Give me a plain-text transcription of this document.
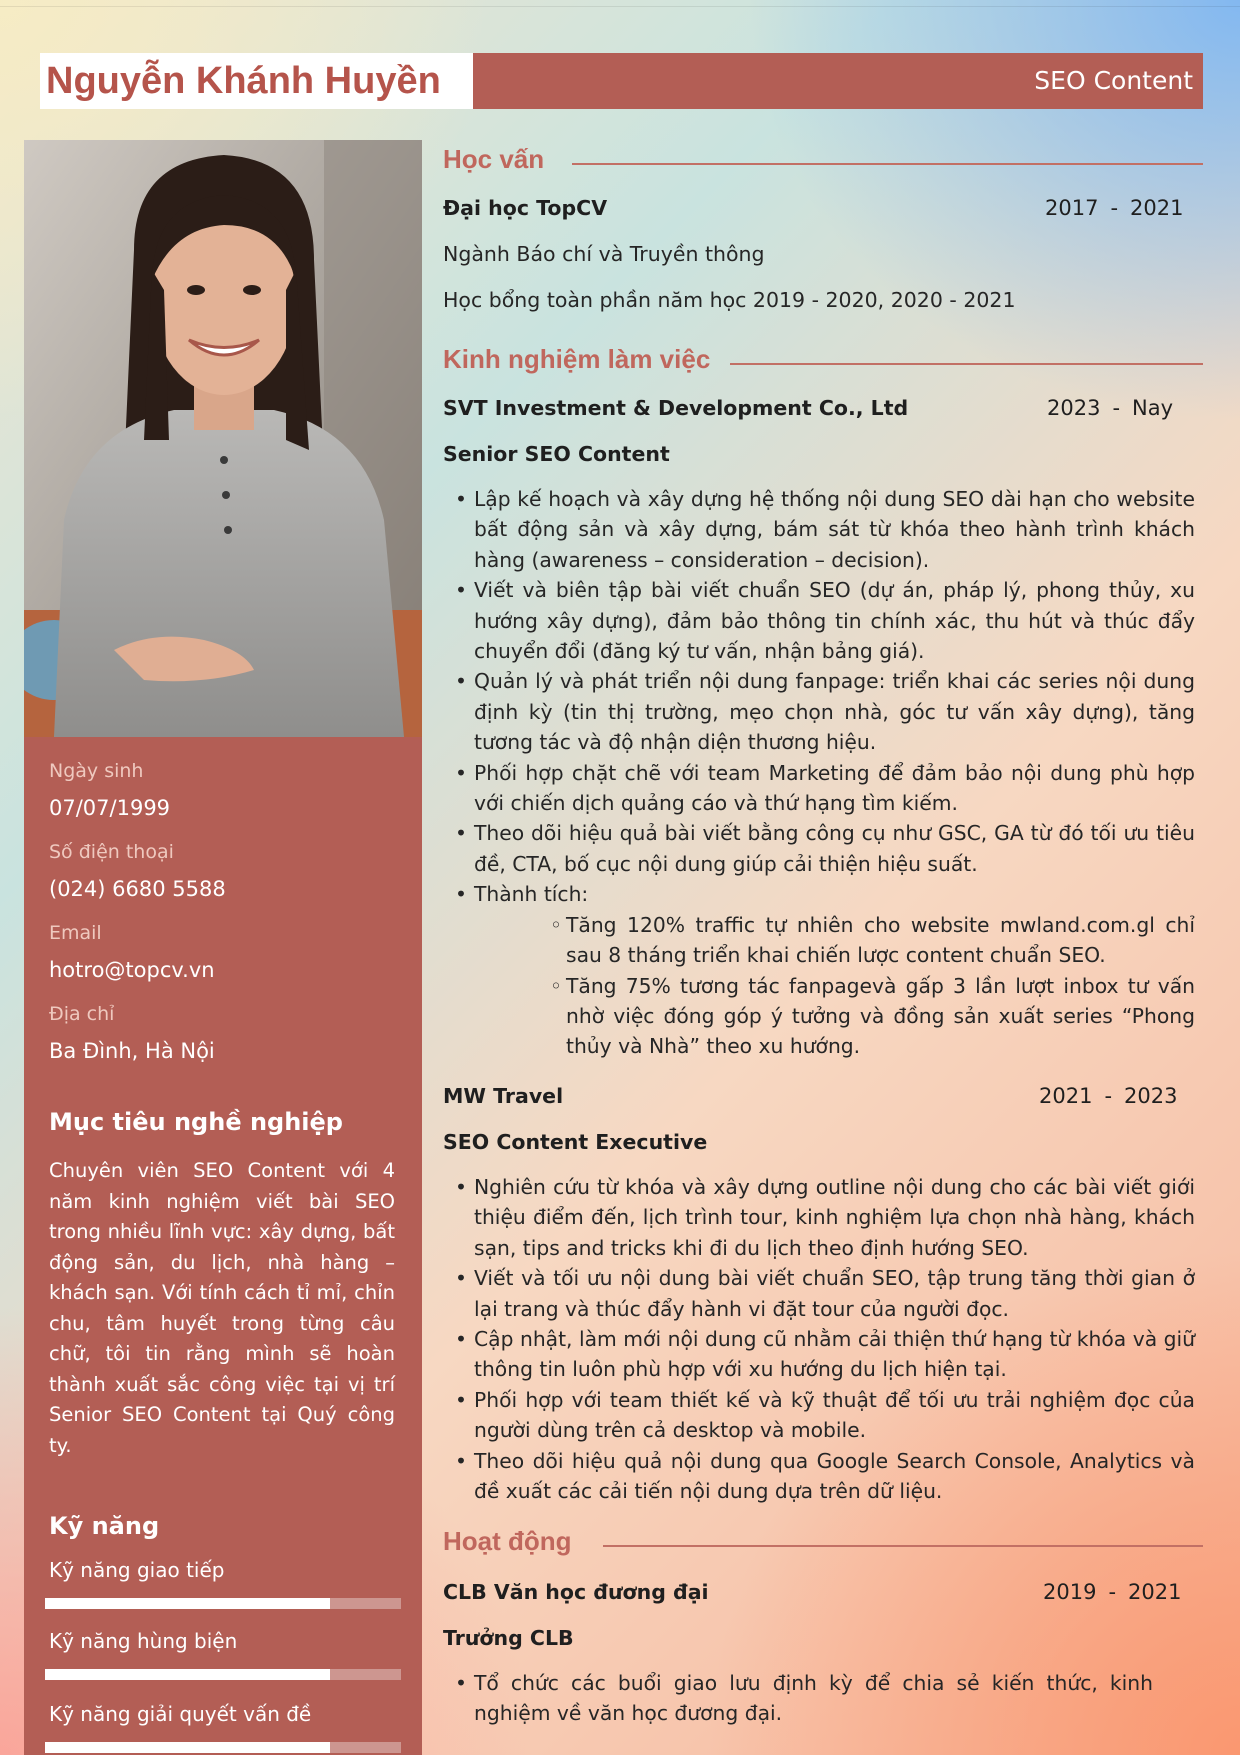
Nguyễn Khánh Huyền	SEO Content
Ngày sinh
07/07/1999
Số điện thoại
(024) 6680 5588
Email
hotro@topcv.vn
Địa chỉ
Ba Đình, Hà Nội
Mục tiêu nghề nghiệp
Chuyên viên SEO Content với 4 năm kinh nghiệm viết bài SEO trong nhiều lĩnh vực: xây dựng, bất động sản, du lịch, nhà hàng – khách sạn. Với tính cách tỉ mỉ, chỉn chu, tâm huyết trong từng câu chữ, tôi tin rằng mình sẽ hoàn thành xuất sắc công việc tại vị trí Senior SEO Content tại Quý công ty.
Kỹ năng
Kỹ năng giao tiếp
Kỹ năng hùng biện
Kỹ năng giải quyết vấn đề
Học vấn
Đại học TopCV	2017 - 2021
Ngành Báo chí và Truyền thông
Học bổng toàn phần năm học 2019 - 2020, 2020 - 2021
Kinh nghiệm làm việc
SVT Investment & Development Co., Ltd	2023 - Nay
Senior SEO Content
• Lập kế hoạch và xây dựng hệ thống nội dung SEO dài hạn cho website bất động sản và xây dựng, bám sát từ khóa theo hành trình khách hàng (awareness – consideration – decision).
• Viết và biên tập bài viết chuẩn SEO (dự án, pháp lý, phong thủy, xu hướng xây dựng), đảm bảo thông tin chính xác, thu hút và thúc đẩy chuyển đổi (đăng ký tư vấn, nhận bảng giá).
• Quản lý và phát triển nội dung fanpage: triển khai các series nội dung định kỳ (tin thị trường, mẹo chọn nhà, góc tư vấn xây dựng), tăng tương tác và độ nhận diện thương hiệu.
• Phối hợp chặt chẽ với team Marketing để đảm bảo nội dung phù hợp với chiến dịch quảng cáo và thứ hạng tìm kiếm.
• Theo dõi hiệu quả bài viết bằng công cụ như GSC, GA từ đó tối ưu tiêu đề, CTA, bố cục nội dung giúp cải thiện hiệu suất.
• Thành tích:
◦ Tăng 120% traffic tự nhiên cho website mwland.com.gl chỉ sau 8 tháng triển khai chiến lược content chuẩn SEO.
◦ Tăng 75% tương tác fanpagevà gấp 3 lần lượt inbox tư vấn nhờ việc đóng góp ý tưởng và đồng sản xuất series “Phong thủy và Nhà” theo xu hướng.
MW Travel	2021 - 2023
SEO Content Executive
• Nghiên cứu từ khóa và xây dựng outline nội dung cho các bài viết giới thiệu điểm đến, lịch trình tour, kinh nghiệm lựa chọn nhà hàng, khách sạn, tips and tricks khi đi du lịch theo định hướng SEO.
• Viết và tối ưu nội dung bài viết chuẩn SEO, tập trung tăng thời gian ở lại trang và thúc đẩy hành vi đặt tour của người đọc.
• Cập nhật, làm mới nội dung cũ nhằm cải thiện thứ hạng từ khóa và giữ thông tin luôn phù hợp với xu hướng du lịch hiện tại.
• Phối hợp với team thiết kế và kỹ thuật để tối ưu trải nghiệm đọc của người dùng trên cả desktop và mobile.
• Theo dõi hiệu quả nội dung qua Google Search Console, Analytics và đề xuất các cải tiến nội dung dựa trên dữ liệu.
Hoạt động
CLB Văn học đương đại	2019 - 2021
Trưởng CLB
• Tổ chức các buổi giao lưu định kỳ để chia sẻ kiến thức, kinh nghiệm về văn học đương đại.
